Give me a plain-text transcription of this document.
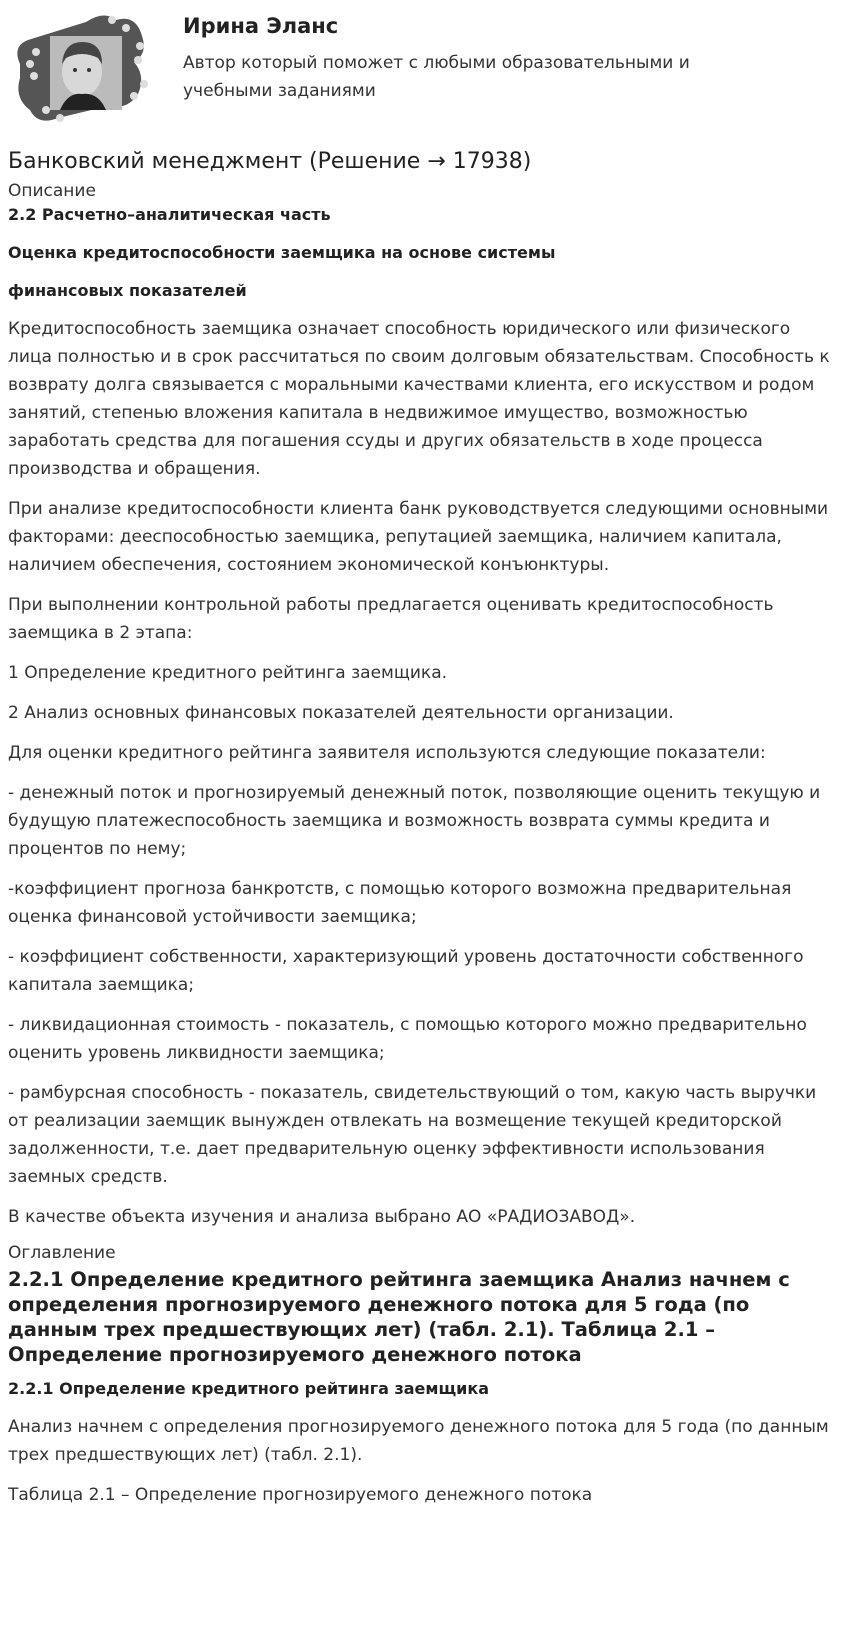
Ирина Эланс

Автор который поможет с любыми образовательными и учебными заданиями

Банковский менеджмент (Решение → 17938)
Описание
2.2 Расчетно–аналитическая часть
Оценка кредитоспособности заемщика на основе системы
финансовых показателей

Кредитоспособность заемщика означает способность юридического или физического лица полностью и в срок рассчитаться по своим долговым обязательствам. Способность к возврату долга связывается с моральными качествами клиента, его искусством и родом занятий, степенью вложения капитала в недвижимое имущество, возможностью заработать средства для погашения ссуды и других обязательств в ходе процесса производства и обращения.

При анализе кредитоспособности клиента банк руководствуется следующими основными факторами: дееспособностью заемщика, репутацией заемщика, наличием капитала, наличием обеспечения, состоянием экономической конъюнктуры.

При выполнении контрольной работы предлагается оценивать кредитоспособность заемщика в 2 этапа:

1 Определение кредитного рейтинга заемщика.

2 Анализ основных финансовых показателей деятельности организации.

Для оценки кредитного рейтинга заявителя используются следующие показатели:

- денежный поток и прогнозируемый денежный поток, позволяющие оценить текущую и будущую платежеспособность заемщика и возможность возврата суммы кредита и процентов по нему;

-коэффициент прогноза банкротств, с помощью которого возможна предварительная оценка финансовой устойчивости заемщика;

- коэффициент собственности, характеризующий уровень достаточности собственного капитала заемщика;

- ликвидационная стоимость - показатель, с помощью которого можно предварительно оценить уровень ликвидности заемщика;

- рамбурсная способность - показатель, свидетельствующий о том, какую часть выручки от реализации заемщик вынужден отвлекать на возмещение текущей кредиторской задолженности, т.е. дает предварительную оценку эффективности использования заемных средств.

В качестве объекта изучения и анализа выбрано АО «РАДИОЗАВОД».

Оглавление
2.2.1 Определение кредитного рейтинга заемщика Анализ начнем с определения прогнозируемого денежного потока для 5 года (по данным трех предшествующих лет) (табл. 2.1). Таблица 2.1 – Определение прогнозируемого денежного потока
2.2.1 Определение кредитного рейтинга заемщика

Анализ начнем с определения прогнозируемого денежного потока для 5 года (по данным трех предшествующих лет) (табл. 2.1).

Таблица 2.1 – Определение прогнозируемого денежного потока
